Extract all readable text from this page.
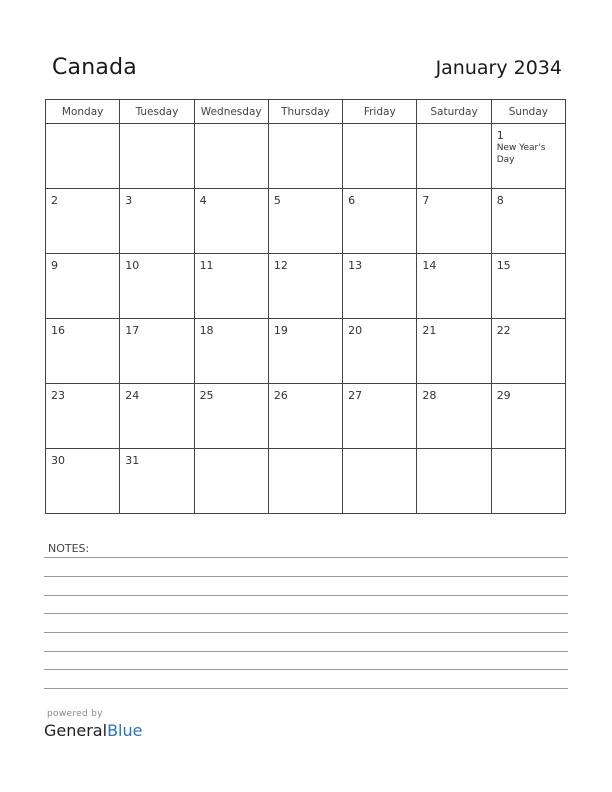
Canada	January 2034
Monday	Tuesday	Wednesday	Thursday	Friday	Saturday	Sunday

						1
New Year's Day

2	3	4	5	6	7	8

9	10	11	12	13	14	15

16	17	18	19	20	21	22

23	24	25	26	27	28	29

30	31					

NOTES:
powered by
GeneralBlue
